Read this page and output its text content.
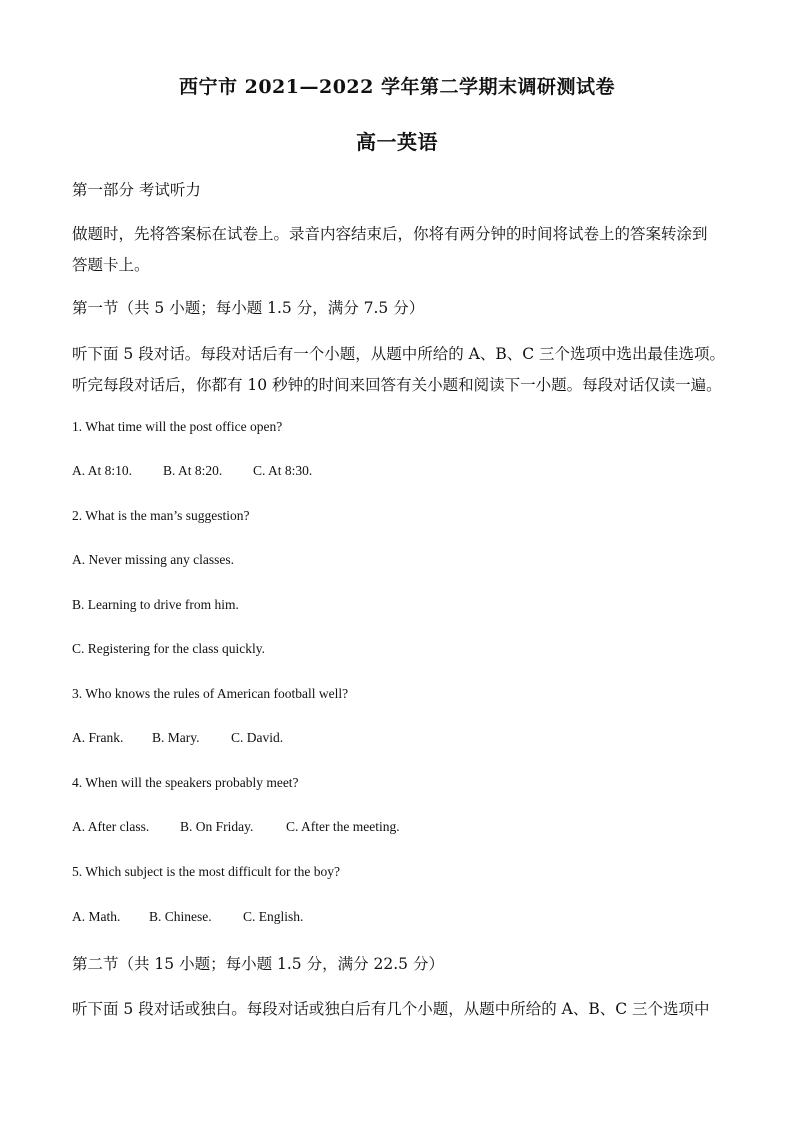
西宁市 2021—2022 学年第二学期末调研测试卷
高一英语
第一部分 考试听力
做题时，先将答案标在试卷上。录音内容结束后，你将有两分钟的时间将试卷上的答案转涂到
答题卡上。
第一节（共 5 小题；每小题 1.5 分，满分 7.5 分）
听下面 5 段对话。每段对话后有一个小题，从题中所给的 A、B、C 三个选项中选出最佳选项。
听完每段对话后，你都有 10 秒钟的时间来回答有关小题和阅读下一小题。每段对话仅读一遍。
1. What time will the post office open?
A. At 8:10. B. At 8:20. C. At 8:30.
2. What is the man’s suggestion?
A. Never missing any classes.
B. Learning to drive from him.
C. Registering for the class quickly.
3. Who knows the rules of American football well?
A. Frank. B. Mary. C. David.
4. When will the speakers probably meet?
A. After class. B. On Friday. C. After the meeting.
5. Which subject is the most difficult for the boy?
A. Math. B. Chinese. C. English.
第二节（共 15 小题；每小题 1.5 分，满分 22.5 分）
听下面 5 段对话或独白。每段对话或独白后有几个小题，从题中所给的 A、B、C 三个选项中
